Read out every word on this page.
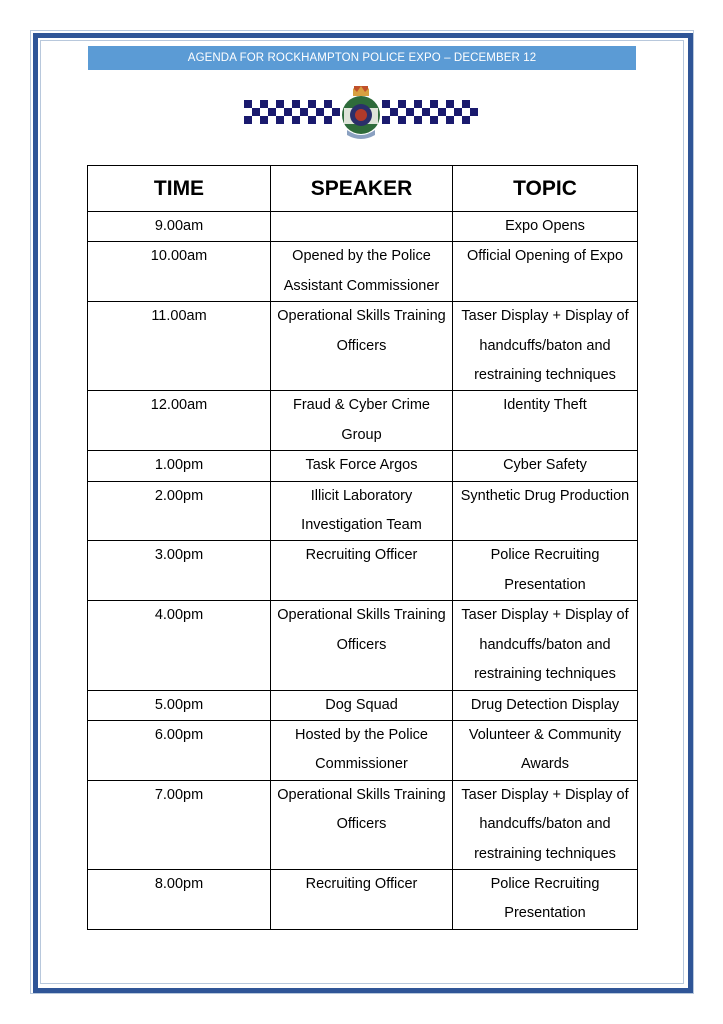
AGENDA FOR ROCKHAMPTON POLICE EXPO – DECEMBER 12
TIME	SPEAKER	TOPIC
9.00am		Expo Opens
10.00am	Opened by the Police Assistant Commissioner	Official Opening of Expo
11.00am	Operational Skills Training Officers	Taser Display + Display of handcuffs/baton and restraining techniques
12.00am	Fraud & Cyber Crime Group	Identity Theft
1.00pm	Task Force Argos	Cyber Safety
2.00pm	Illicit Laboratory Investigation Team	Synthetic Drug Production
3.00pm	Recruiting Officer	Police Recruiting Presentation
4.00pm	Operational Skills Training Officers	Taser Display + Display of handcuffs/baton and restraining techniques
5.00pm	Dog Squad	Drug Detection Display
6.00pm	Hosted by the Police Commissioner	Volunteer & Community Awards
7.00pm	Operational Skills Training Officers	Taser Display + Display of handcuffs/baton and restraining techniques
8.00pm	Recruiting Officer	Police Recruiting Presentation
